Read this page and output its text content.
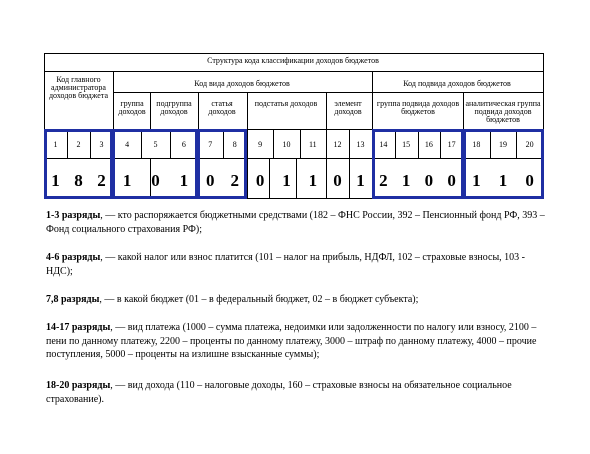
Структура кода классификации доходов бюджетов
Код главного администратора доходов бюджета
Код вида доходов бюджетов	Код подвида доходов бюджетов
группа доходов
подгруппа доходов
статья доходов
подстатья доходов	элемент доходов
группа подвида доходов бюджетов
аналитическая группа подвида доходов бюджетов
1
1
2
8
3
2
4
1
5
0
6
1
7
0
8
2
9
0
10
1
11
1
12
0
13
1
14
2
15
1
16
0
17
0
18
1
19
1
20
0
1-3 разряды, — кто распоряжается бюджетными средствами (182 – ФНС России, 392 – Пенсионный фонд РФ, 393 – Фонд социального страхования РФ);
4-6 разряды, — какой налог или взнос платится (101 – налог на прибыль, НДФЛ, 102 – страховые взносы, 103 - НДС);
7,8 разряды, — в какой бюджет (01 – в федеральный бюджет, 02 – в бюджет субъекта);
14-17 разряды, — вид платежа (1000 – сумма платежа, недоимки или задолженности по налогу или взносу, 2100 – пени по данному платежу, 2200 – проценты по данному платежу, 3000 – штраф по данному платежу, 4000 – прочие поступления, 5000 – проценты на излишне взысканные суммы);
18-20 разряды, — вид дохода (110 – налоговые доходы, 160 – страховые взносы на обязательное социальное страхование).
